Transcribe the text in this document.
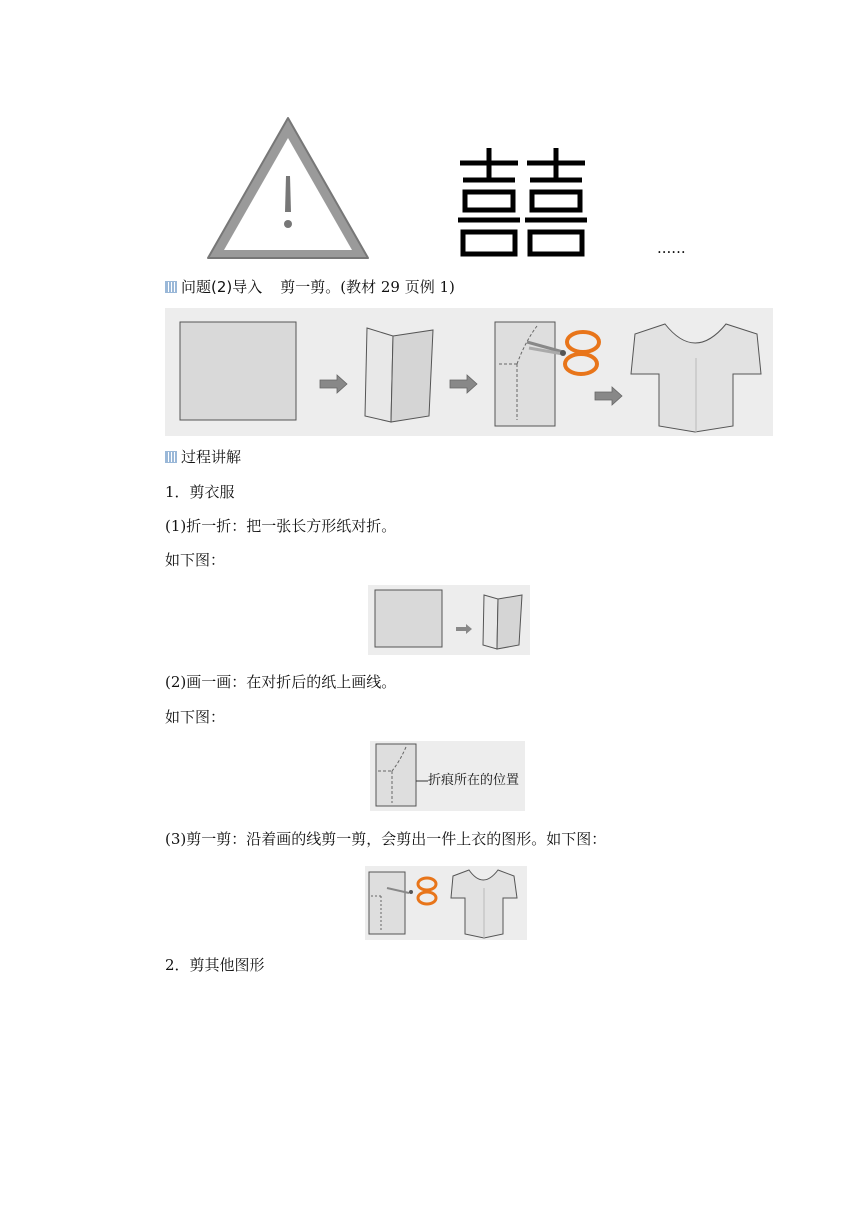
......
问题(2)导入 剪一剪。(教材 29 页例 1)
过程讲解
1．剪衣服
(1)折一折：把一张长方形纸对折。
如下图：
(2)画一画：在对折后的纸上画线。
如下图：
折痕所在的位置
(3)剪一剪：沿着画的线剪一剪，会剪出一件上衣的图形。如下图：
2．剪其他图形
